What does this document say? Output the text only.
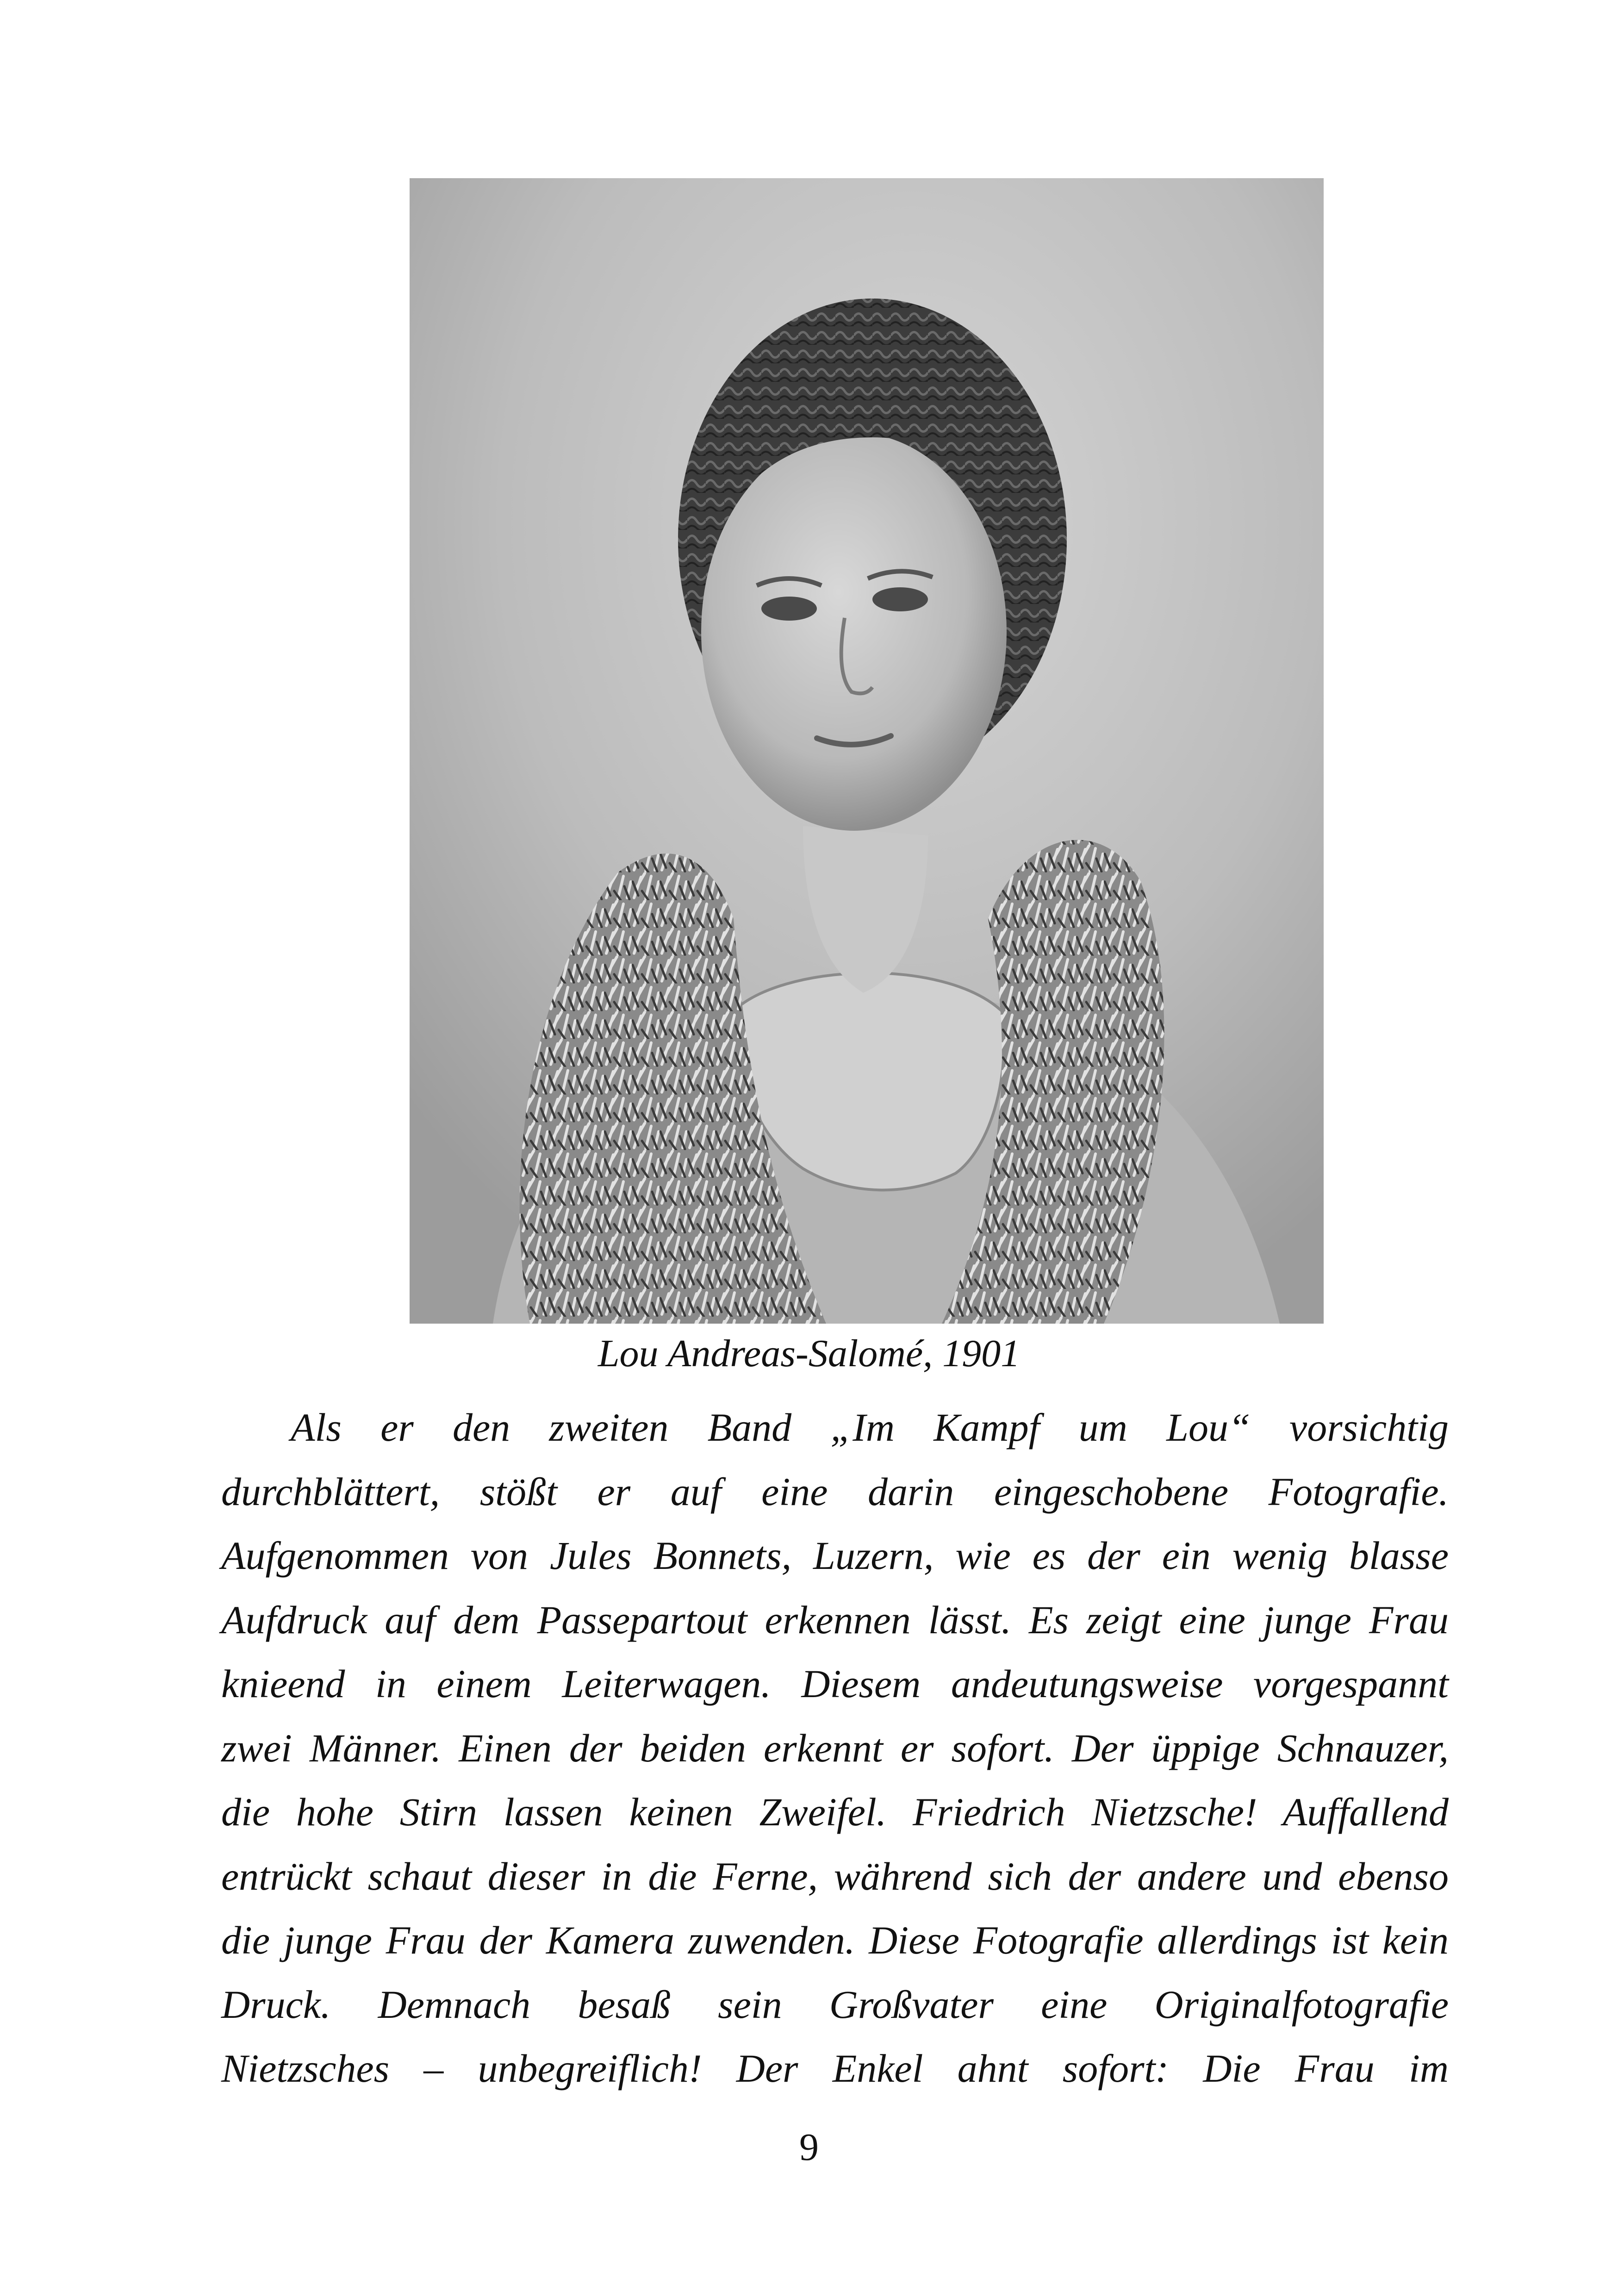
Lou Andreas-Salomé, 1901
Als er den zweiten Band „Im Kampf um Lou“ vorsichtig
durchblättert, stößt er auf eine darin eingeschobene Fotografie.
Aufgenommen von Jules Bonnets, Luzern, wie es der ein wenig blasse
Aufdruck auf dem Passepartout erkennen lässt. Es zeigt eine junge Frau
knieend in einem Leiterwagen. Diesem andeutungsweise vorgespannt
zwei Männer. Einen der beiden erkennt er sofort. Der üppige Schnauzer,
die hohe Stirn lassen keinen Zweifel. Friedrich Nietzsche! Auffallend
entrückt schaut dieser in die Ferne, während sich der andere und ebenso
die junge Frau der Kamera zuwenden. Diese Fotografie allerdings ist kein
Druck. Demnach besaß sein Großvater eine Originalfotografie
Nietzsches – unbegreiflich! Der Enkel ahnt sofort: Die Frau im
9
